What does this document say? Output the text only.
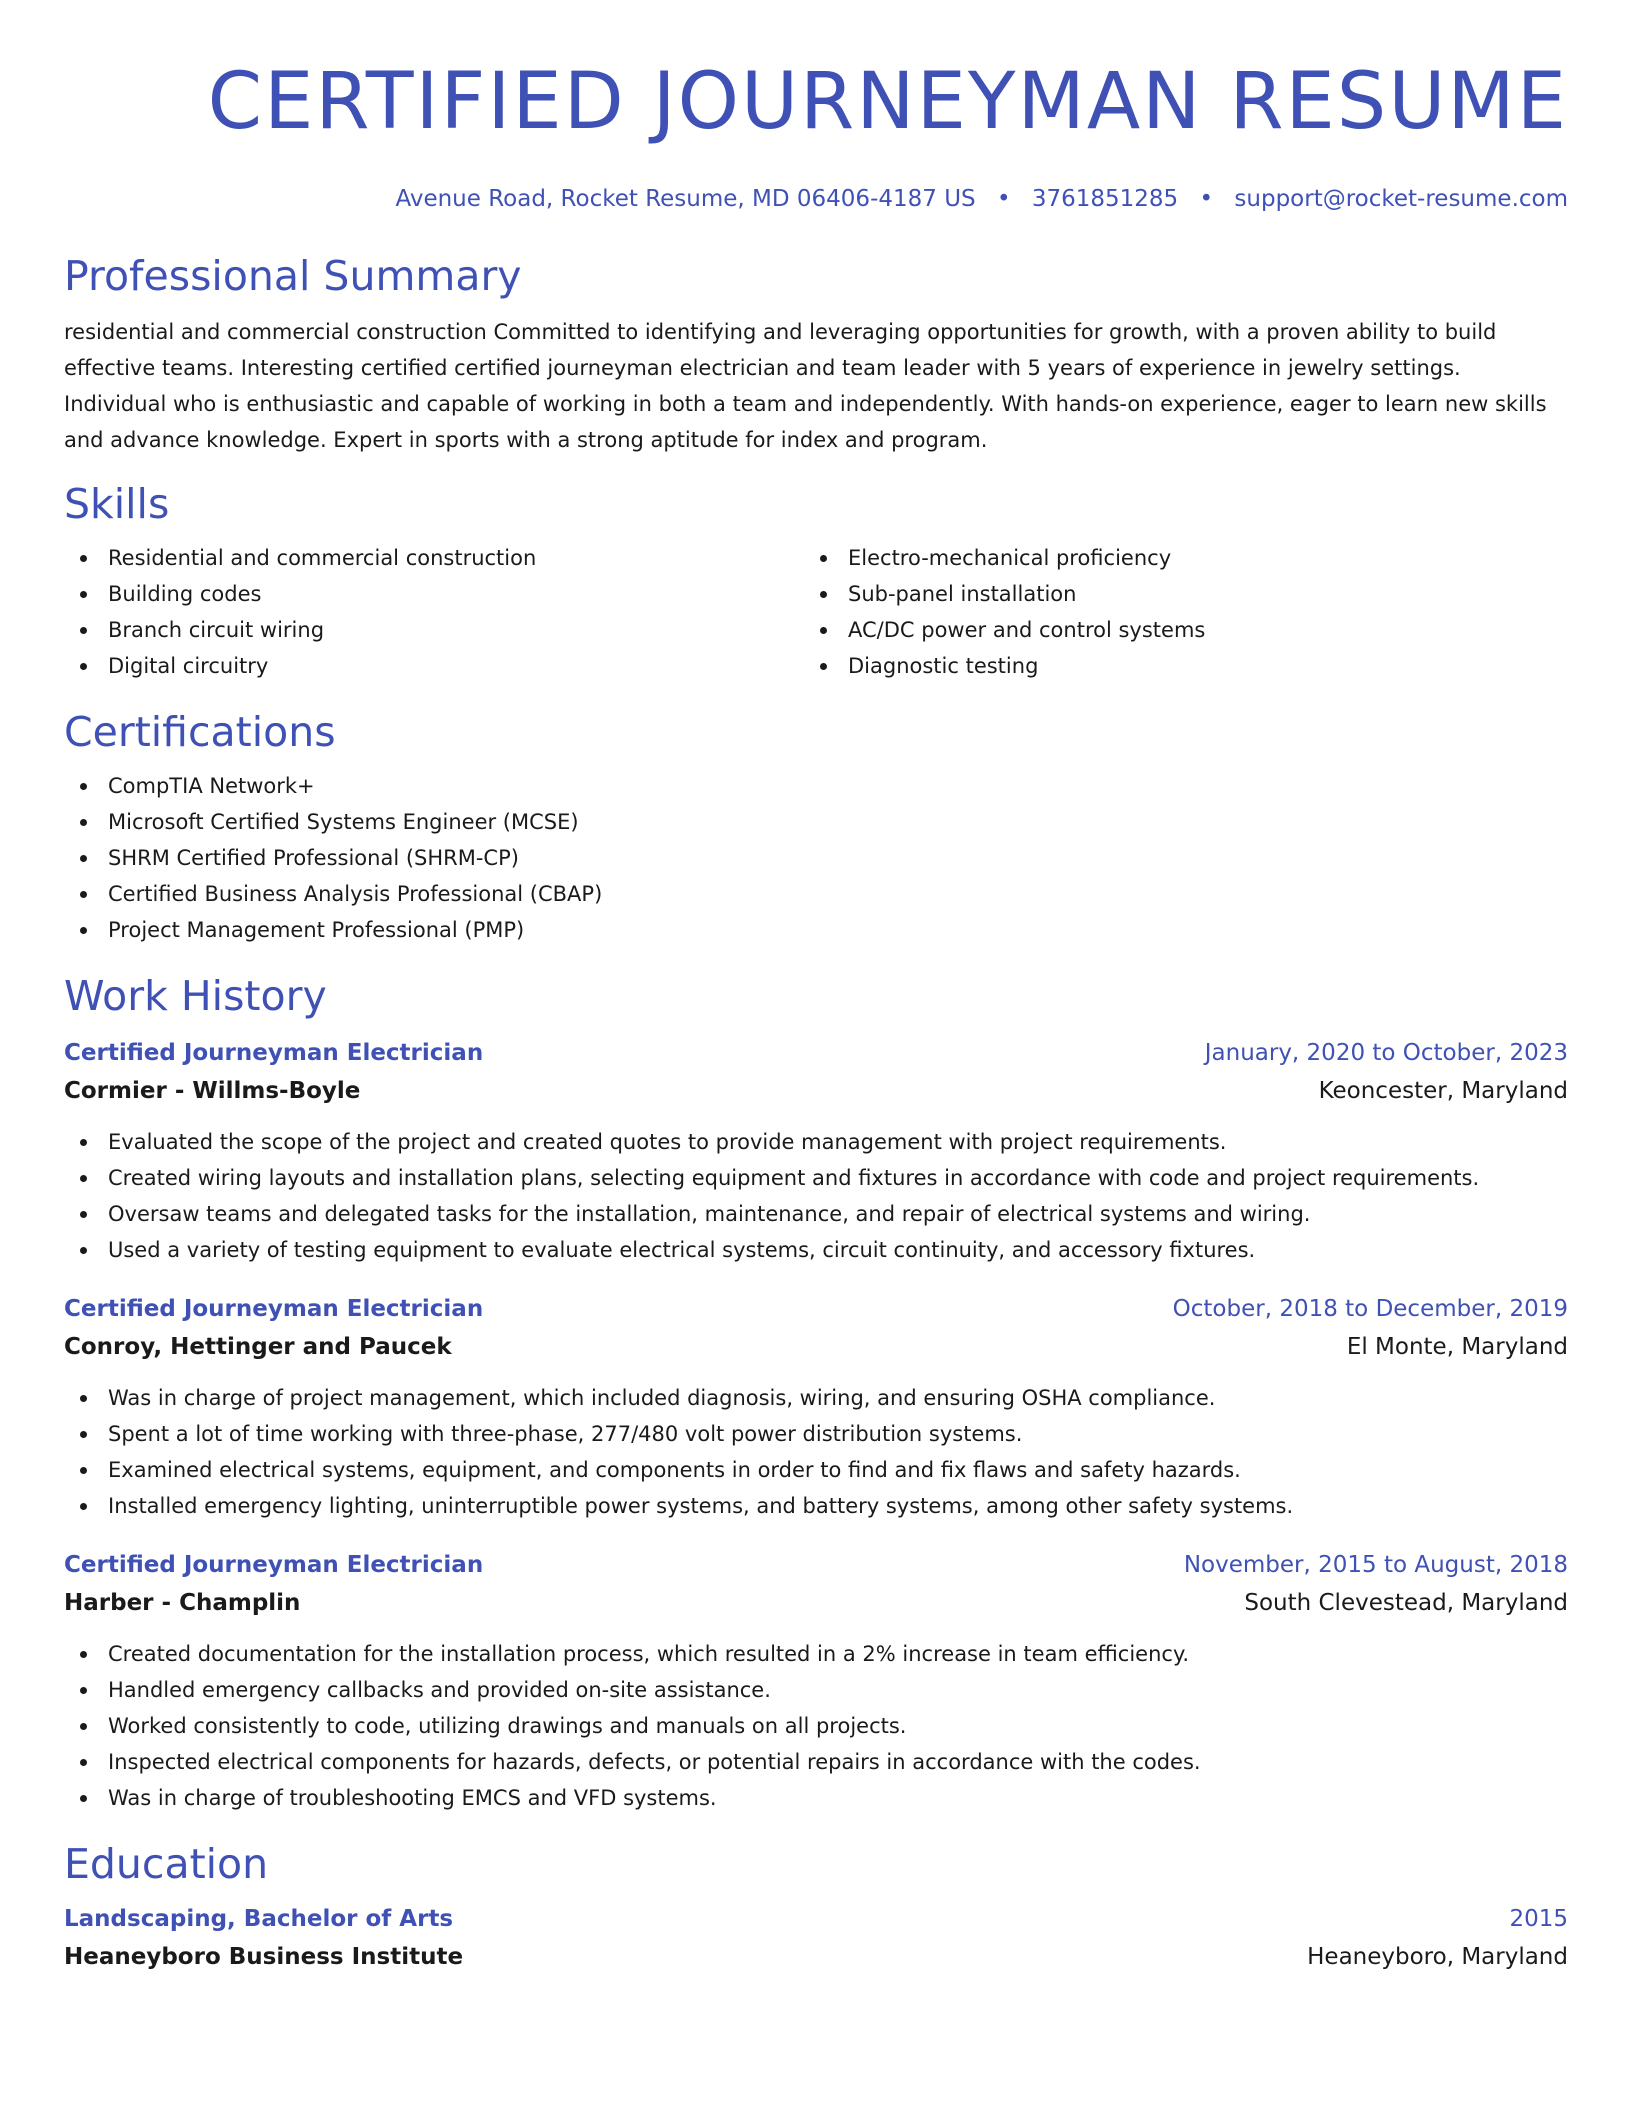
CERTIFIED JOURNEYMAN RESUME
Avenue Road, Rocket Resume, MD 06406-4187 US • 3761851285 • support@rocket-resume.com
Professional Summary

residential and commercial construction Committed to identifying and leveraging opportunities for growth, with a proven ability to build effective teams. Interesting certified certified journeyman electrician and team leader with 5 years of experience in jewelry settings. Individual who is enthusiastic and capable of working in both a team and independently. With hands-on experience, eager to learn new skills and advance knowledge. Expert in sports with a strong aptitude for index and program.

Skills
Residential and commercial construction
Building codes
Branch circuit wiring
Digital circuitry
Electro-mechanical proficiency
Sub-panel installation
AC/DC power and control systems
Diagnostic testing
Certifications
CompTIA Network+
Microsoft Certified Systems Engineer (MCSE)
SHRM Certified Professional (SHRM-CP)
Certified Business Analysis Professional (CBAP)
Project Management Professional (PMP)
Work History
Certified Journeyman Electrician	January, 2020 to October, 2023
Cormier - Willms-Boyle	Keoncester, Maryland
Evaluated the scope of the project and created quotes to provide management with project requirements.
Created wiring layouts and installation plans, selecting equipment and fixtures in accordance with code and project requirements.
Oversaw teams and delegated tasks for the installation, maintenance, and repair of electrical systems and wiring.
Used a variety of testing equipment to evaluate electrical systems, circuit continuity, and accessory fixtures.
Certified Journeyman Electrician	October, 2018 to December, 2019
Conroy, Hettinger and Paucek	El Monte, Maryland
Was in charge of project management, which included diagnosis, wiring, and ensuring OSHA compliance.
Spent a lot of time working with three-phase, 277/480 volt power distribution systems.
Examined electrical systems, equipment, and components in order to find and fix flaws and safety hazards.
Installed emergency lighting, uninterruptible power systems, and battery systems, among other safety systems.
Certified Journeyman Electrician	November, 2015 to August, 2018
Harber - Champlin	South Clevestead, Maryland
Created documentation for the installation process, which resulted in a 2% increase in team efficiency.
Handled emergency callbacks and provided on-site assistance.
Worked consistently to code, utilizing drawings and manuals on all projects.
Inspected electrical components for hazards, defects, or potential repairs in accordance with the codes.
Was in charge of troubleshooting EMCS and VFD systems.
Education
Landscaping, Bachelor of Arts	2015
Heaneyboro Business Institute	Heaneyboro, Maryland
